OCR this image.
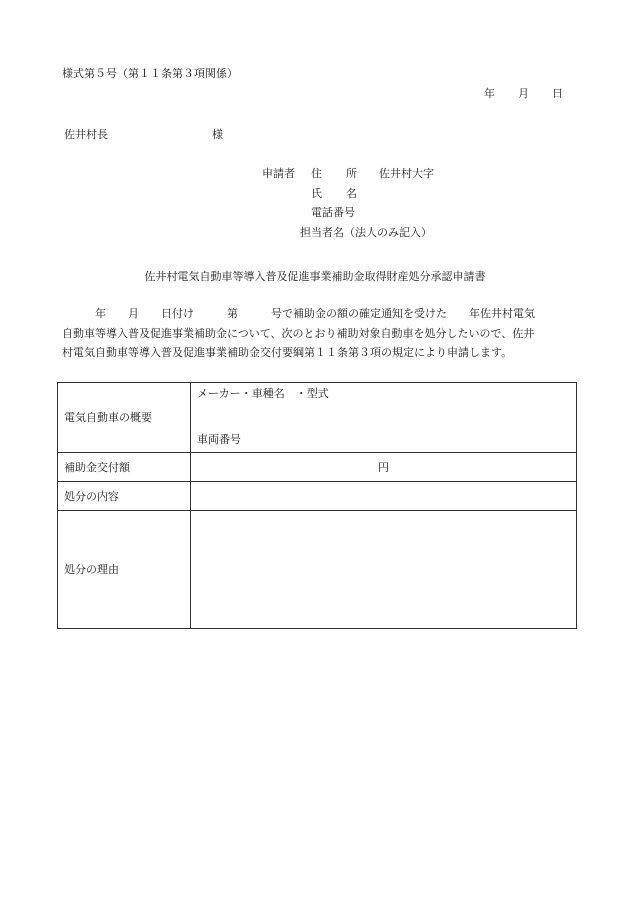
様式第５号（第１１条第３項関係）
年 月 日
佐井村長	様
申請者 住所佐井村大字
氏名
電話番号
担当者名（法人のみ記入）
佐井村電気自動車等導入普及促進事業補助金取得財産処分承認申請書
　　　年　　月　　日付け　　　第　　　号で補助金の額の確定通知を受けた　　年佐井村電気
自動車等導入普及促進事業補助金について、次のとおり補助対象自動車を処分したいので、佐井
村電気自動車等導入普及促進事業補助金交付要綱第１１条第３項の規定により申請します。
電気自動車の概要	メーカー・車種名　・型式
車両番号

補助金交付額	円
処分の内容	
処分の理由	
